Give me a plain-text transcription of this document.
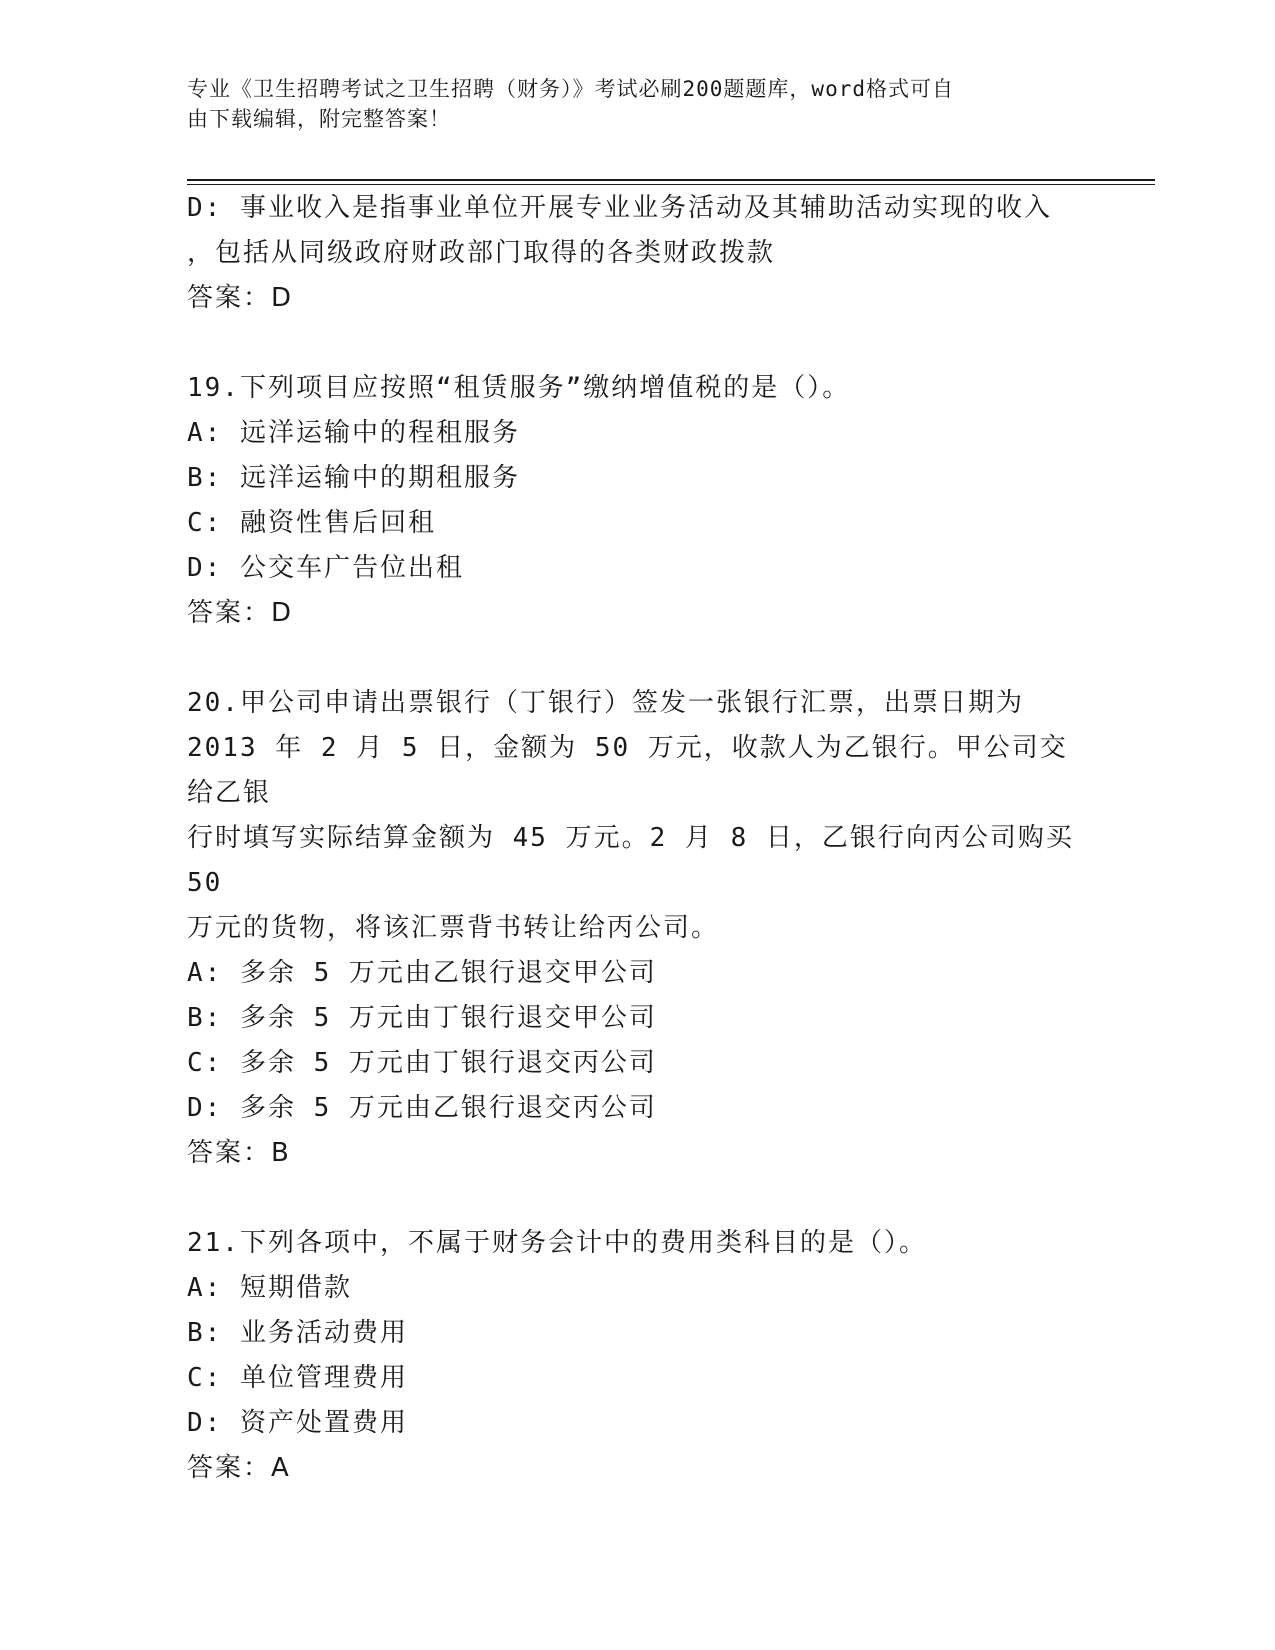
专业《卫生招聘考试之卫生招聘（财务）》考试必刷200题题库，word格式可自
由下载编辑，附完整答案！
D: 事业收入是指事业单位开展专业业务活动及其辅助活动实现的收入
，包括从同级政府财政部门取得的各类财政拨款
答案：D
19.下列项目应按照“租赁服务”缴纳增值税的是（）。
A: 远洋运输中的程租服务
B: 远洋运输中的期租服务
C: 融资性售后回租
D: 公交车广告位出租
答案：D
20.甲公司申请出票银行（丁银行）签发一张银行汇票，出票日期为
2013 年 2 月 5 日，金额为 50 万元，收款人为乙银行。甲公司交给乙银
行时填写实际结算金额为 45 万元。2 月 8 日，乙银行向丙公司购买 50
万元的货物，将该汇票背书转让给丙公司。
A: 多余 5 万元由乙银行退交甲公司
B: 多余 5 万元由丁银行退交甲公司
C: 多余 5 万元由丁银行退交丙公司
D: 多余 5 万元由乙银行退交丙公司
答案：B
21.下列各项中，不属于财务会计中的费用类科目的是（）。
A: 短期借款
B: 业务活动费用
C: 单位管理费用
D: 资产处置费用
答案：A
